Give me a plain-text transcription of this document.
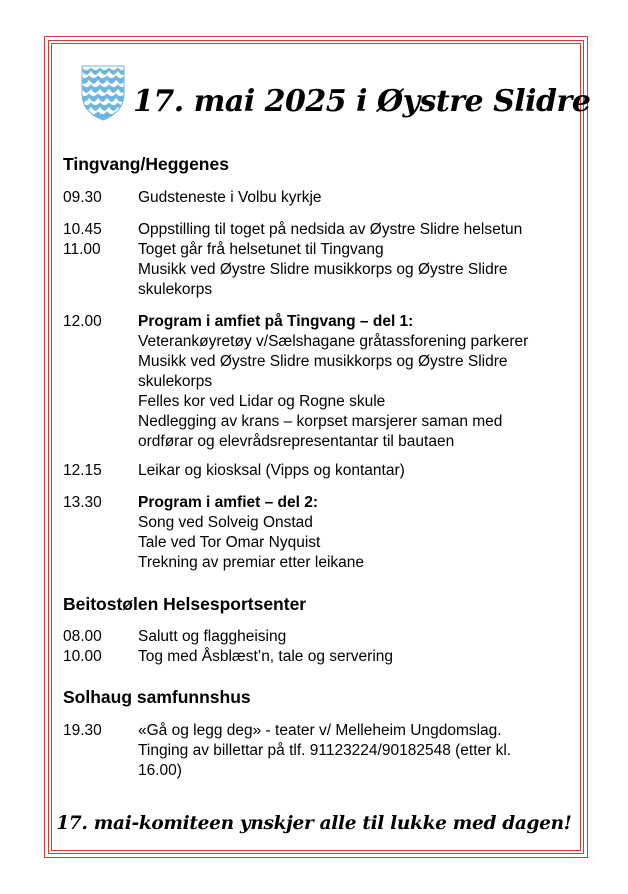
17. mai 2025 i Øystre Slidre
Tingvang/Heggenes
09.30	Gudsteneste i Volbu kyrkje
10.45	Oppstilling til toget på nedsida av Øystre Slidre helsetun
11.00	Toget går frå helsetunet til Tingvang
Musikk ved Øystre Slidre musikkorps og Øystre Slidre
skulekorps
12.00	Program i amfiet på Tingvang – del 1:
Veterankøyretøy v/Sælshagane gråtassforening parkerer
Musikk ved Øystre Slidre musikkorps og Øystre Slidre
skulekorps
Felles kor ved Lidar og Rogne skule
Nedlegging av krans – korpset marsjerer saman med
ordførar og elevrådsrepresentantar til bautaen
12.15	Leikar og kiosksal (Vipps og kontantar)
13.30	Program i amfiet – del 2:
Song ved Solveig Onstad
Tale ved Tor Omar Nyquist
Trekning av premiar etter leikane
Beitostølen Helsesportsenter
08.00	Salutt og flaggheising
10.00	Tog med Åsblæst’n, tale og servering
Solhaug samfunnshus
19.30	«Gå og legg deg» - teater v/ Melleheim Ungdomslag.
Tinging av billettar på tlf. 91123224/90182548 (etter kl.
16.00)
17. mai-komiteen ynskjer alle til lukke med dagen!
